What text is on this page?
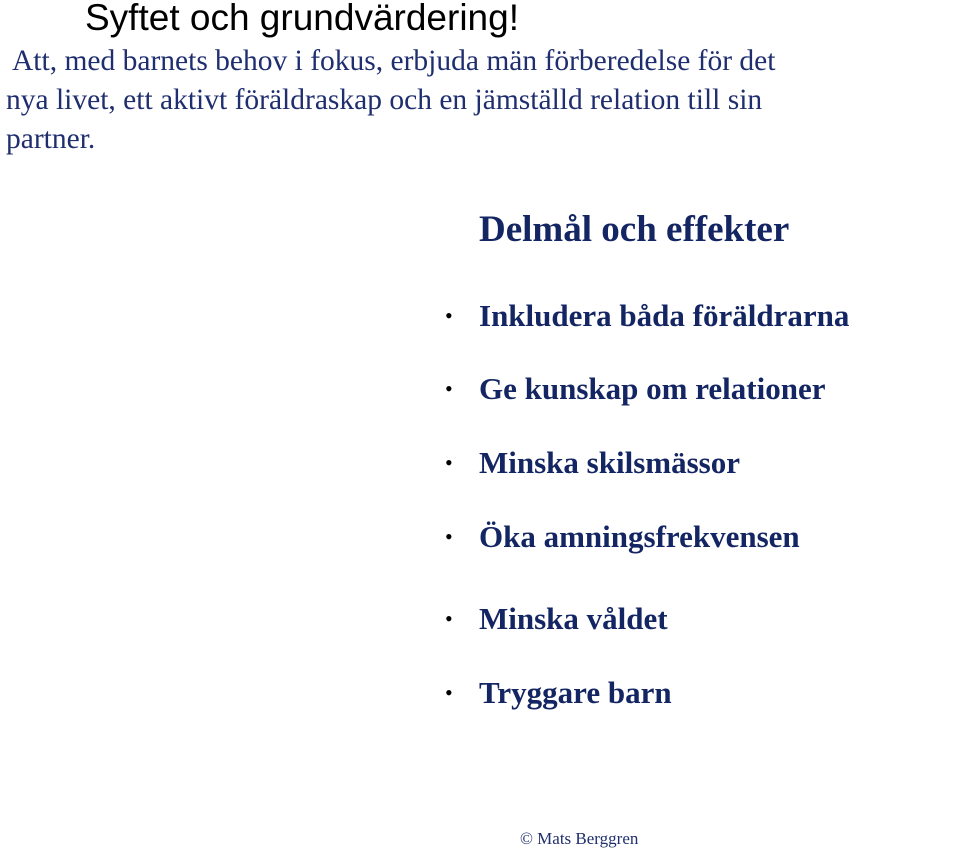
Syftet och grundvärdering!
Att, med barnets behov i fokus, erbjuda män förberedelse för det
nya livet, ett aktivt föräldraskap och en jämställd relation till sin
partner.
Delmål och effekter
• Inkludera båda föräldrarna
• Ge kunskap om relationer
• Minska skilsmässor
• Öka amningsfrekvensen
• Minska våldet
• Tryggare barn
© Mats Berggren
